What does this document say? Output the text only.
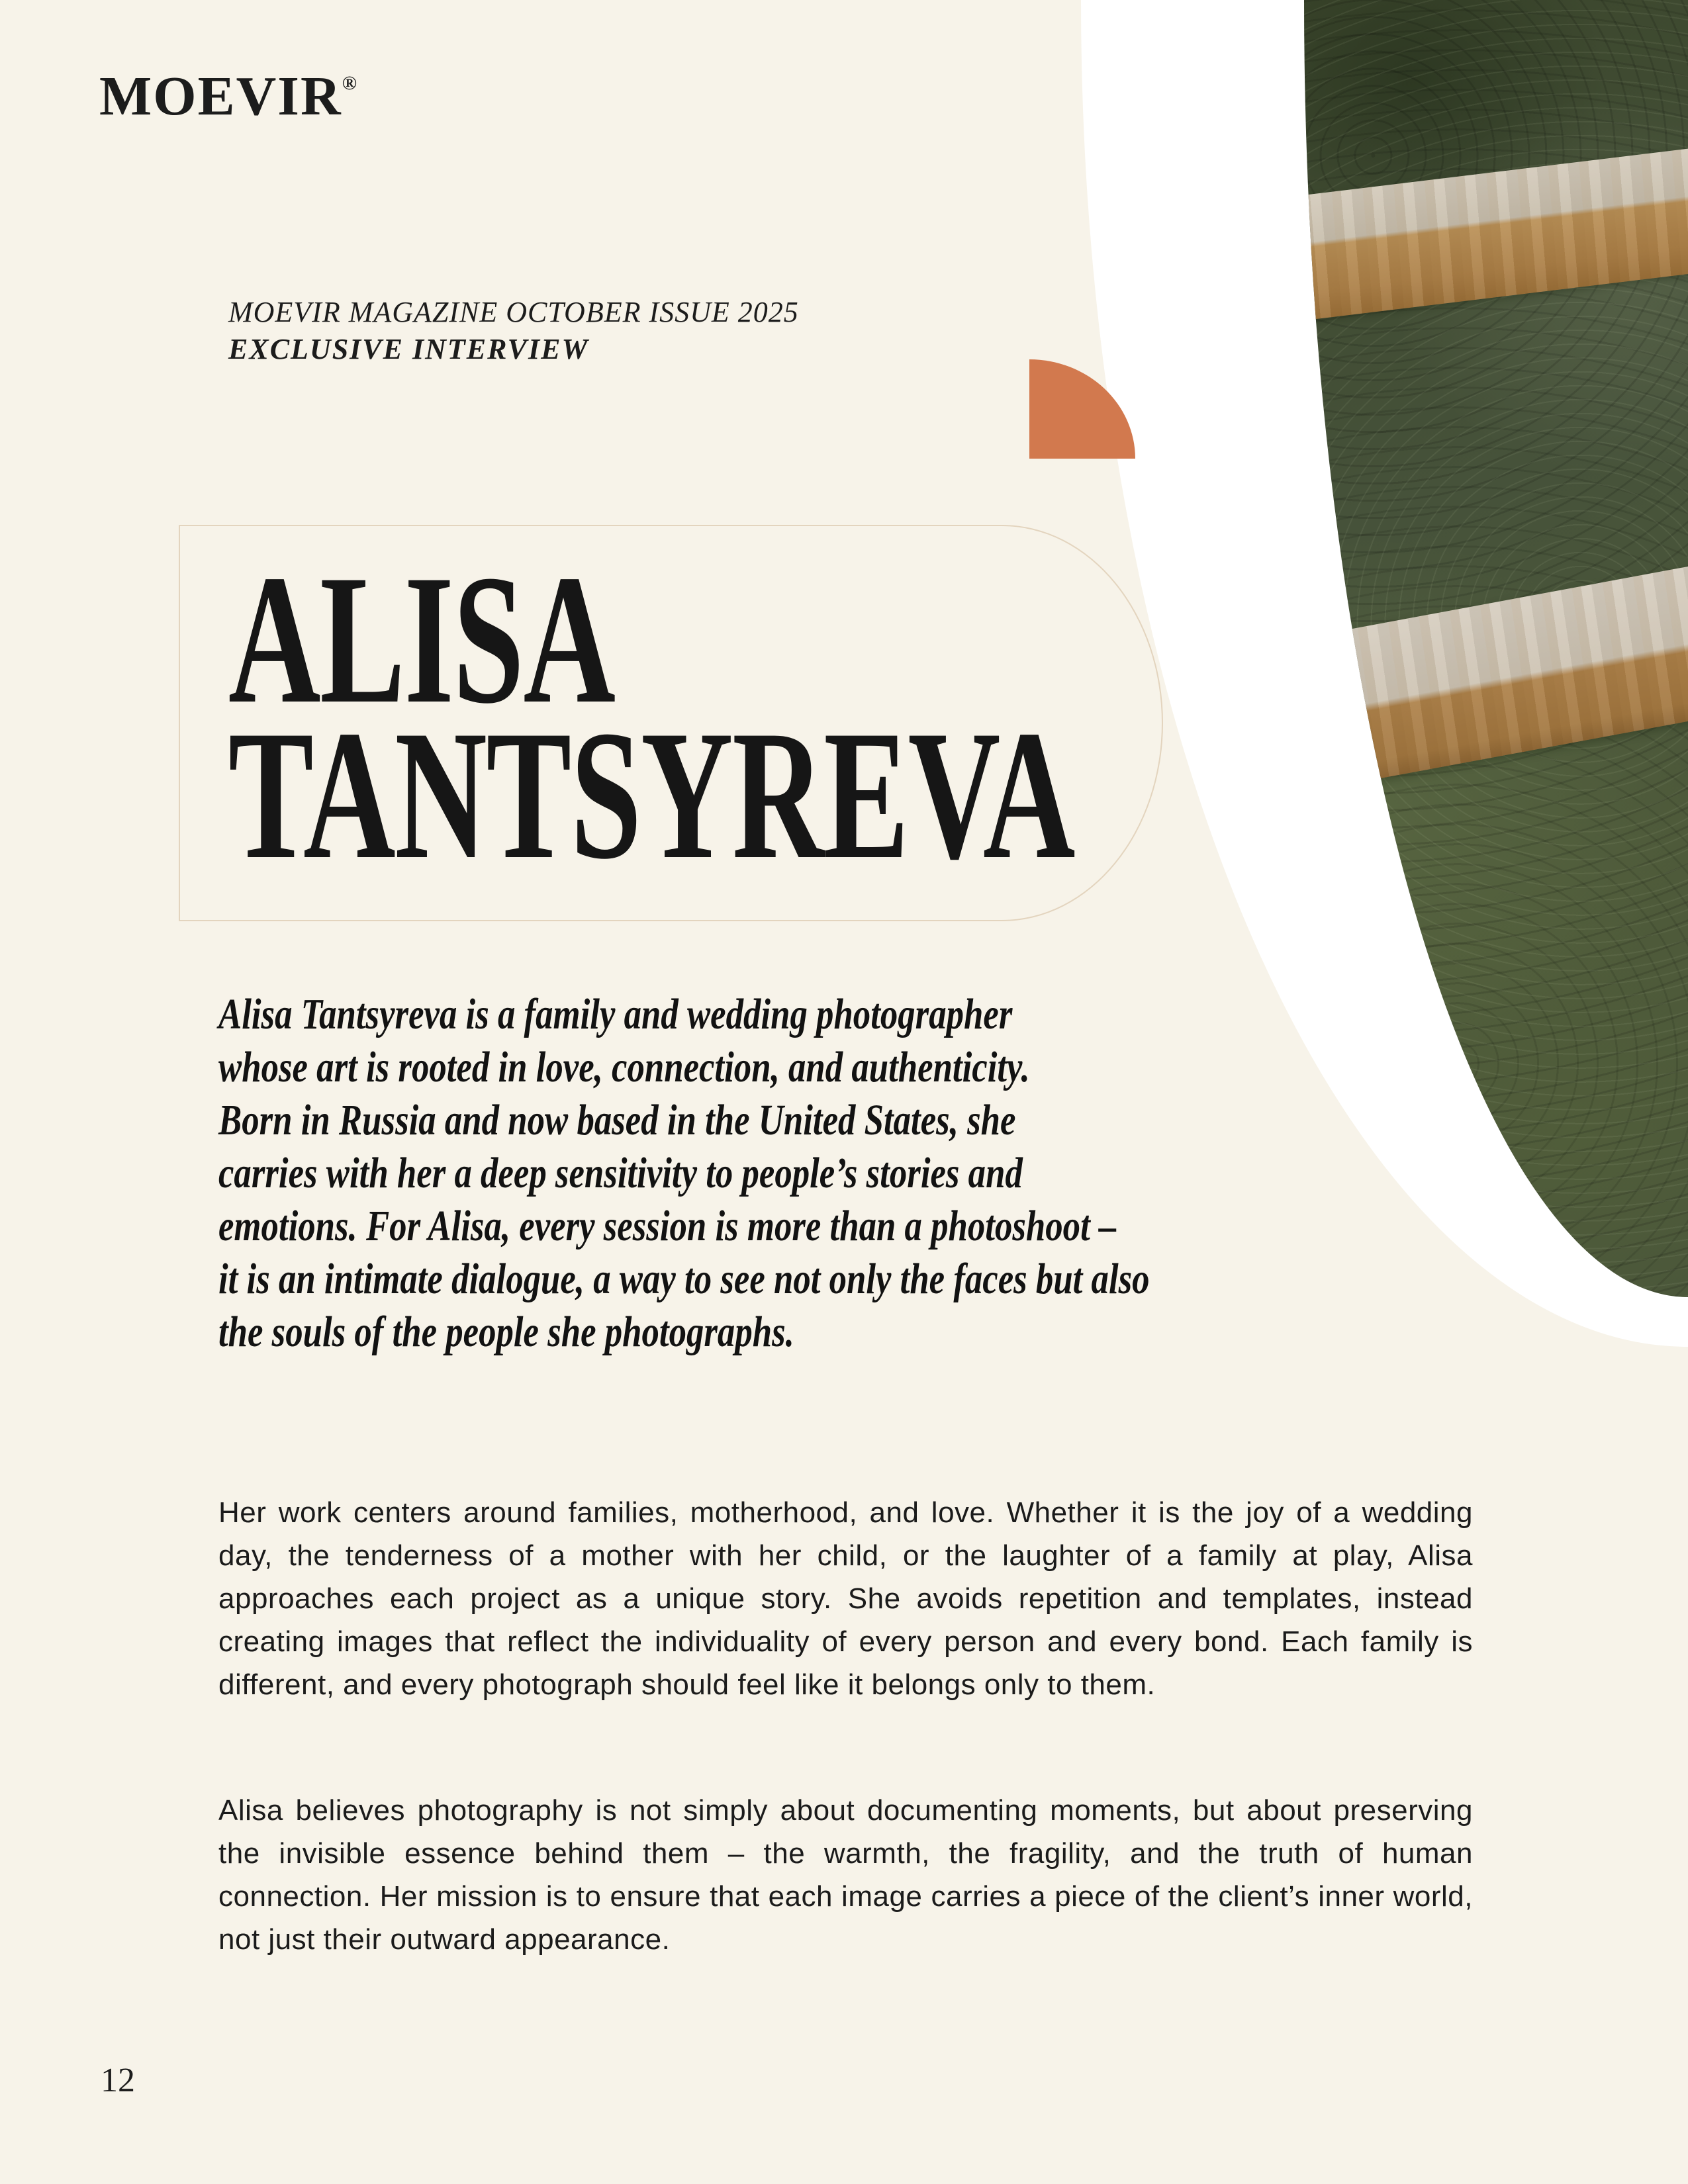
MOEVIR®
MOEVIR MAGAZINE OCTOBER ISSUE 2025
EXCLUSIVE INTERVIEW
ALISA
TANTSYREVA
Alisa Tantsyreva is a family and wedding photographer
whose art is rooted in love, connection, and authenticity.
Born in Russia and now based in the United States, she
carries with her a deep sensitivity to people’s stories and
emotions. For Alisa, every session is more than a photoshoot –
it is an intimate dialogue, a way to see not only the faces but also
the souls of the people she photographs.
Her work centers around families, motherhood, and love. Whether it is the joy of a wedding day, the tenderness of a mother with her child, or the laughter of a family at play, Alisa approaches each project as a unique story. She avoids repetition and templates, instead creating images that reflect the individuality of every person and every bond. Each family is different, and every photograph should feel like it belongs only to them.
Alisa believes photography is not simply about documenting moments, but about preserving the invisible essence behind them – the warmth, the fragility, and the truth of human connection. Her mission is to ensure that each image carries a piece of the client’s inner world, not just their outward appearance.
12
